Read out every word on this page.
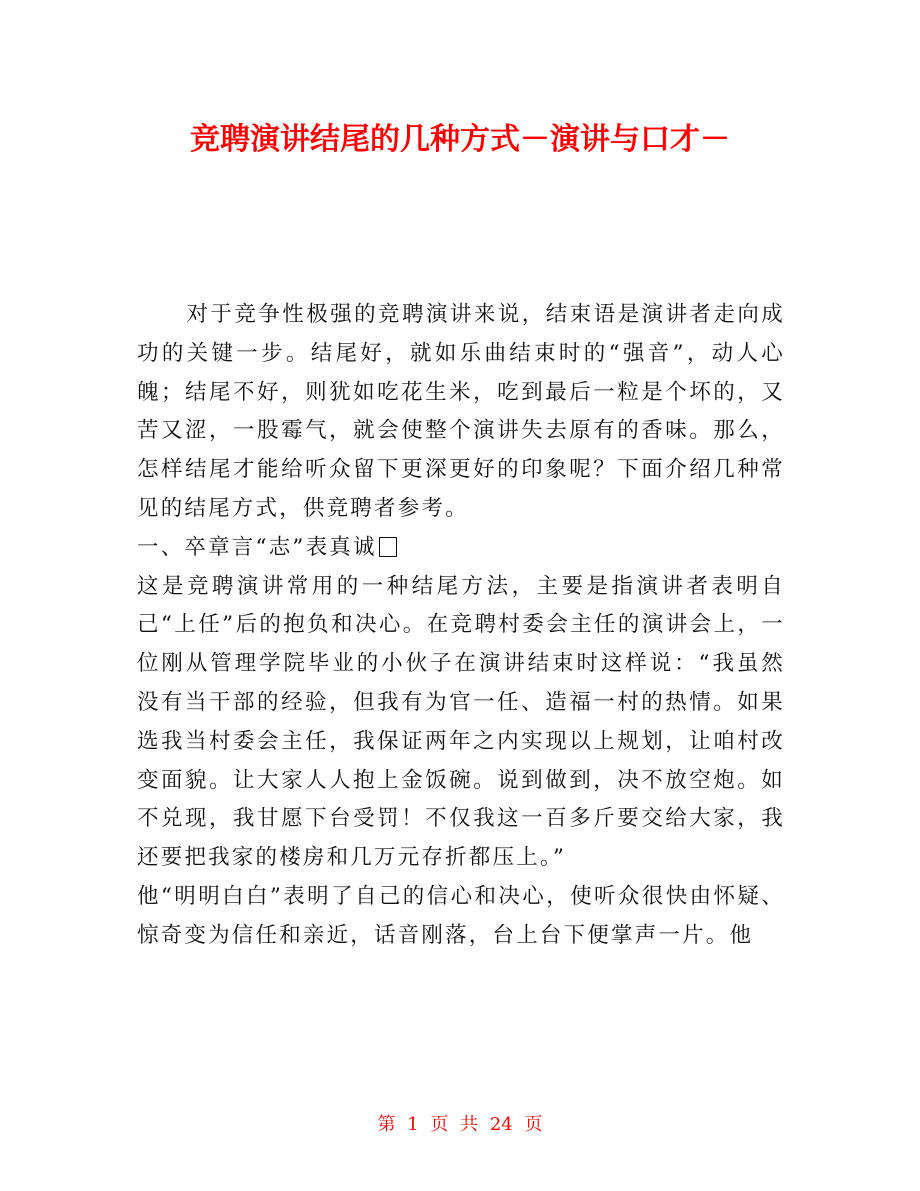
竞聘演讲结尾的几种方式－演讲与口才－

对于竞争性极强的竞聘演讲来说，结束语是演讲者走向成功的关键一步。结尾好，就如乐曲结束时的“强音”，动人心魄；结尾不好，则犹如吃花生米，吃到最后一粒是个坏的，又苦又涩，一股霉气，就会使整个演讲失去原有的香味。那么，怎样结尾才能给听众留下更深更好的印象呢？下面介绍几种常见的结尾方式，供竞聘者参考。

一、卒章言“志”表真诚

这是竞聘演讲常用的一种结尾方法，主要是指演讲者表明自己“上任”后的抱负和决心。在竞聘村委会主任的演讲会上，一位刚从管理学院毕业的小伙子在演讲结束时这样说：“我虽然没有当干部的经验，但我有为官一任、造福一村的热情。如果选我当村委会主任，我保证两年之内实现以上规划，让咱村改变面貌。让大家人人抱上金饭碗。说到做到，决不放空炮。如不兑现，我甘愿下台受罚！不仅我这一百多斤要交给大家，我还要把我家的楼房和几万元存折都压上。”

他“明明白白”表明了自己的信心和决心，使听众很快由怀疑、惊奇变为信任和亲近，话音刚落，台上台下便掌声一片。他

第 1 页 共 24 页
